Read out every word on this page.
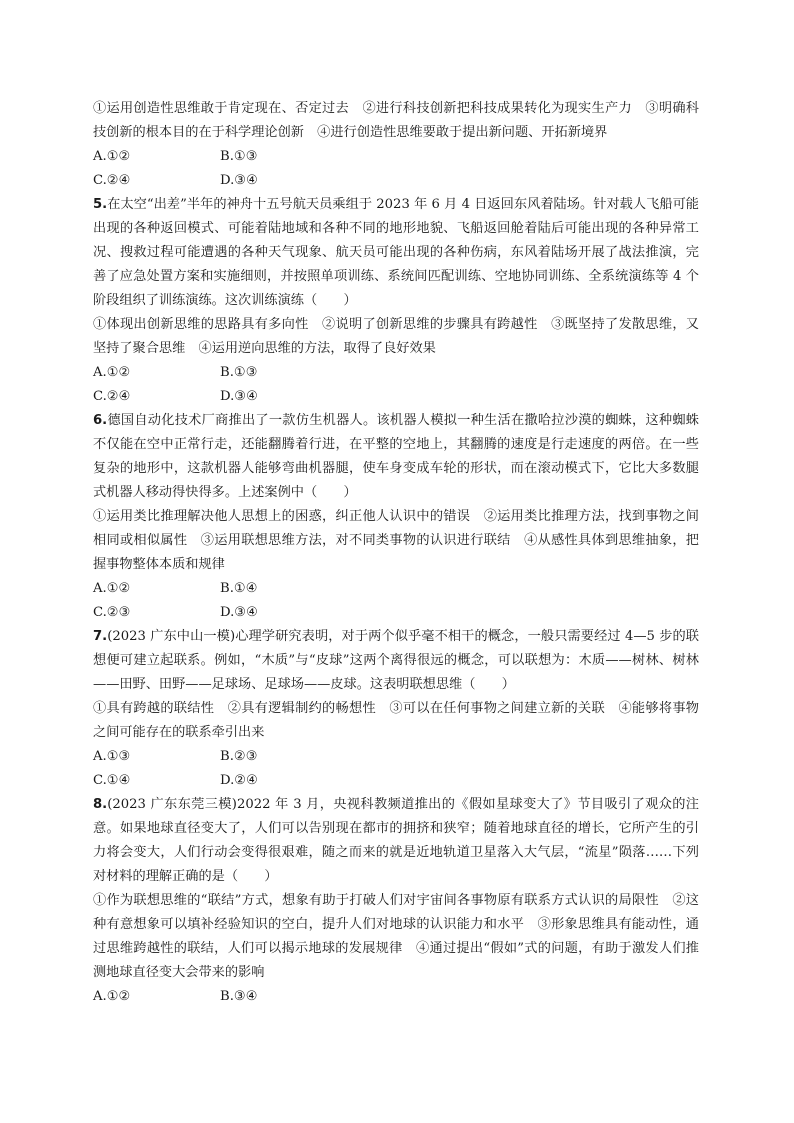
①运用创造性思维敢于肯定现在、否定过去　②进行科技创新把科技成果转化为现实生产力　③明确科技创新的根本目的在于科学理论创新　④进行创造性思维要敢于提出新问题、开拓新境界

A.①②	B.①③
C.②④	D.③④

5.在太空“出差”半年的神舟十五号航天员乘组于 2023 年 6 月 4 日返回东风着陆场。针对载人飞船可能出现的各种返回模式、可能着陆地域和各种不同的地形地貌、飞船返回舱着陆后可能出现的各种异常工况、搜救过程可能遭遇的各种天气现象、航天员可能出现的各种伤病，东风着陆场开展了战法推演，完善了应急处置方案和实施细则，并按照单项训练、系统间匹配训练、空地协同训练、全系统演练等 4 个阶段组织了训练演练。这次训练演练（　　）

①体现出创新思维的思路具有多向性　②说明了创新思维的步骤具有跨越性　③既坚持了发散思维，又坚持了聚合思维　④运用逆向思维的方法，取得了良好效果

A.①②	B.①③
C.②④	D.③④

6.德国自动化技术厂商推出了一款仿生机器人。该机器人模拟一种生活在撒哈拉沙漠的蜘蛛，这种蜘蛛不仅能在空中正常行走，还能翻腾着行进，在平整的空地上，其翻腾的速度是行走速度的两倍。在一些复杂的地形中，这款机器人能够弯曲机器腿，使车身变成车轮的形状，而在滚动模式下，它比大多数腿式机器人移动得快得多。上述案例中（　　）

①运用类比推理解决他人思想上的困惑，纠正他人认识中的错误　②运用类比推理方法，找到事物之间相同或相似属性　③运用联想思维方法，对不同类事物的认识进行联结　④从感性具体到思维抽象，把握事物整体本质和规律

A.①②	B.①④
C.②③	D.③④

7.(2023 广东中山一模)心理学研究表明，对于两个似乎毫不相干的概念，一般只需要经过 4—5 步的联想便可建立起联系。例如，“木质”与“皮球”这两个离得很远的概念，可以联想为：木质——树林、树林——田野、田野——足球场、足球场——皮球。这表明联想思维（　　）

①具有跨越的联结性　②具有逻辑制约的畅想性　③可以在任何事物之间建立新的关联　④能够将事物之间可能存在的联系牵引出来

A.①③	B.②③
C.①④	D.②④

8.(2023 广东东莞三模)2022 年 3 月，央视科教频道推出的《假如星球变大了》节目吸引了观众的注意。如果地球直径变大了，人们可以告别现在都市的拥挤和狭窄；随着地球直径的增长，它所产生的引力将会变大，人们行动会变得很艰难，随之而来的就是近地轨道卫星落入大气层，“流星”陨落……下列对材料的理解正确的是（　　）

①作为联想思维的“联结”方式，想象有助于打破人们对宇宙间各事物原有联系方式认识的局限性　②这种有意想象可以填补经验知识的空白，提升人们对地球的认识能力和水平　③形象思维具有能动性，通过思维跨越性的联结，人们可以揭示地球的发展规律　④通过提出“假如”式的问题，有助于激发人们推测地球直径变大会带来的影响

A.①②	B.③④
